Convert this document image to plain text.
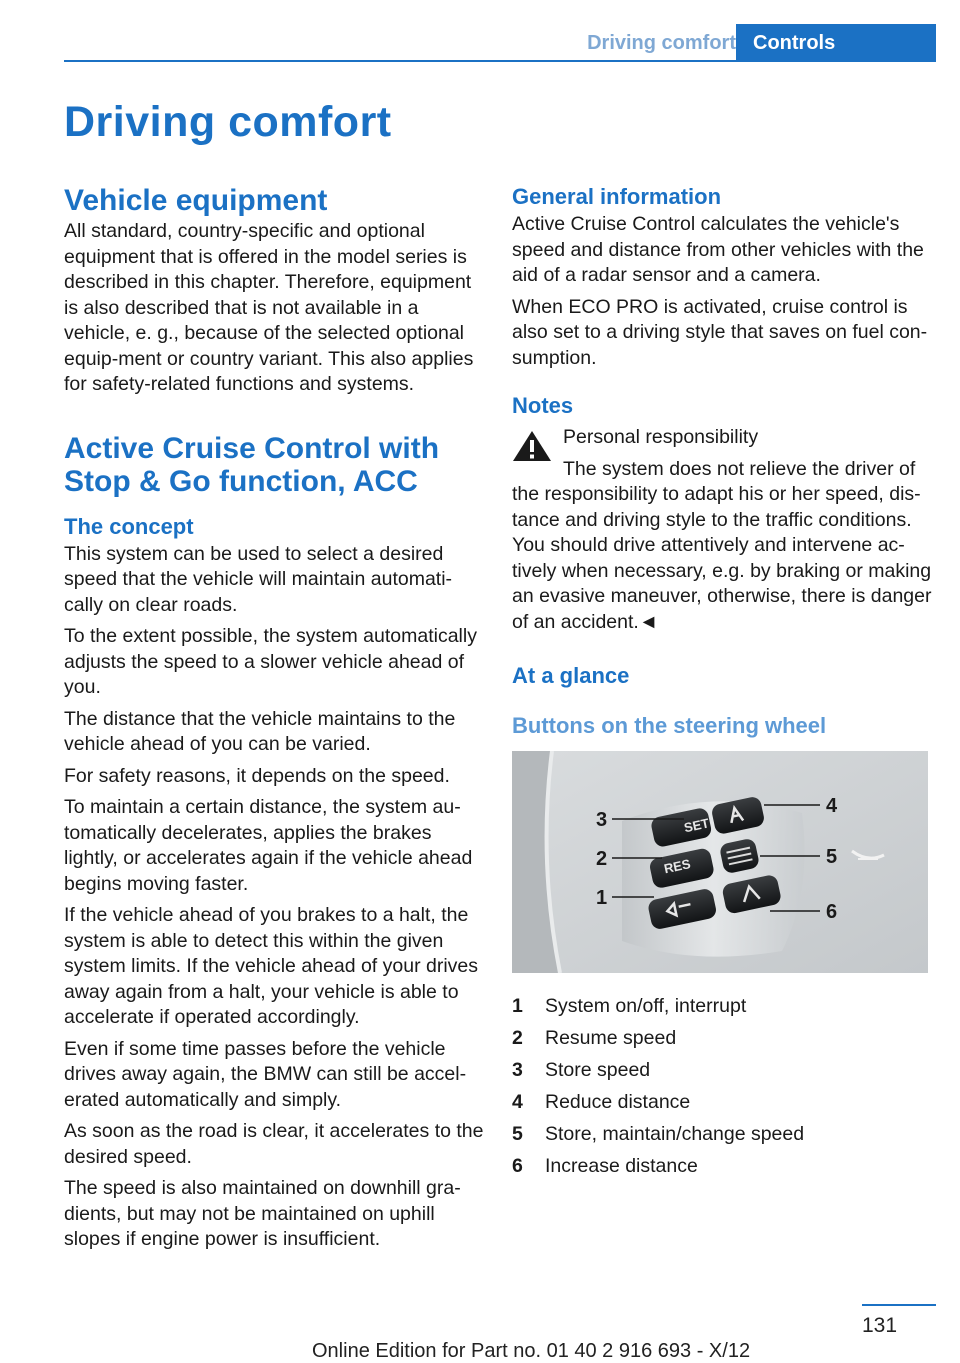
Driving comfort Controls
Driving comfort
Vehicle equipment

All standard, country-specific and optional equipment that is offered in the model series is described in this chapter. Therefore, equipment is also described that is not available in a vehicle, e. g., because of the selected optional equip-ment or country variant. This also applies for safety-related functions and systems.

Active Cruise Control with Stop & Go function, ACC
The concept

This system can be used to select a desired speed that the vehicle will maintain automati-cally on clear roads.

To the extent possible, the system automatically adjusts the speed to a slower vehicle ahead of you.

The distance that the vehicle maintains to the vehicle ahead of you can be varied.

For safety reasons, it depends on the speed.

To maintain a certain distance, the system au-tomatically decelerates, applies the brakes lightly, or accelerates again if the vehicle ahead begins moving faster.

If the vehicle ahead of you brakes to a halt, the system is able to detect this within the given system limits. If the vehicle ahead of your drives away again from a halt, your vehicle is able to accelerate if operated accordingly.

Even if some time passes before the vehicle drives away again, the BMW can still be accel-erated automatically and simply.

As soon as the road is clear, it accelerates to the desired speed.

The speed is also maintained on downhill gra-dients, but may not be maintained on uphill slopes if engine power is insufficient.

General information

Active Cruise Control calculates the vehicle's speed and distance from other vehicles with the aid of a radar sensor and a camera.

When ECO PRO is activated, cruise control is also set to a driving style that saves on fuel con-sumption.

Notes

Personal responsibility

The system does not relieve the driver of

the responsibility to adapt his or her speed, dis-tance and driving style to the traffic conditions. You should drive attentively and intervene ac-tively when necessary, e.g. by braking or making an evasive maneuver, otherwise, there is danger of an accident.◄

At a glance
Buttons on the steering wheel
SET
RES
3
2
1
4
5
6
1	System on/off, interrupt
2	Resume speed
3	Store speed
4	Reduce distance
5	Store, maintain/change speed
6	Increase distance
131
Online Edition for Part no. 01 40 2 916 693 - X/12
